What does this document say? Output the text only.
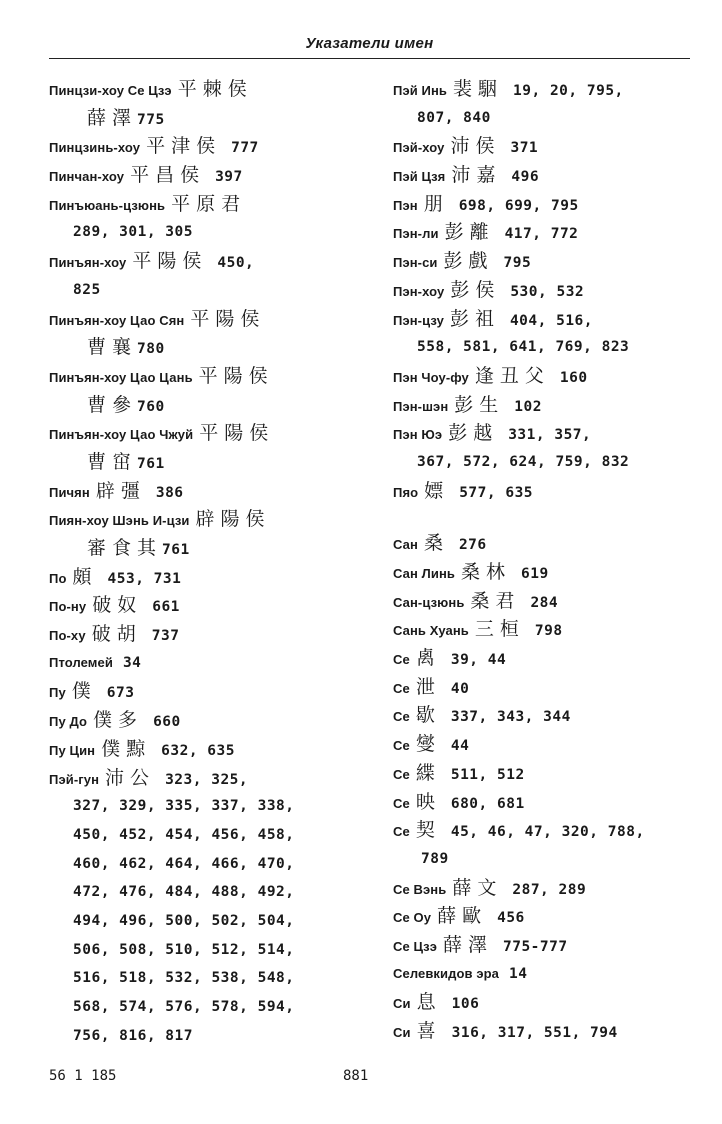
Указатели имен
Пинцзи-хоу Се Цзэ 平棘侯
薛澤775
Пинцзинь-хоу 平津侯 777
Пинчан-хоу 平昌侯 397
Пинъюань-цзюнь 平原君
289, 301, 305
Пинъян-хоу 平陽侯 450,
825
Пинъян-хоу Цао Сян 平陽侯
曹襄780
Пинъян-хоу Цао Цань 平陽侯
曹參760
Пинъян-хоу Цао Чжуй 平陽侯
曹窋761
Пичян 辟彊 386
Пиян-хоу Шэнь И-цзи 辟陽侯
審食其761
По 頗 453, 731
По-ну 破奴 661
По-ху 破胡 737
Птолемей 34
Пу 僕 673
Пу До 僕多 660
Пу Цин 僕黥 632, 635
Пэй-гун 沛公 323, 325,
327, 329, 335, 337, 338,
450, 452, 454, 456, 458,
460, 462, 464, 466, 470,
472, 476, 484, 488, 492,
494, 496, 500, 502, 504,
506, 508, 510, 512, 514,
516, 518, 532, 538, 548,
568, 574, 576, 578, 594,
756, 816, 817
Пэй Инь 裴駰 19, 20, 795,
807, 840
Пэй-хоу 沛侯 371
Пэй Цзя 沛嘉 496
Пэн 朋 698, 699, 795
Пэн-ли 彭離 417, 772
Пэн-си 彭戲 795
Пэн-хоу 彭侯 530, 532
Пэн-цзу 彭祖 404, 516,
558, 581, 641, 769, 823
Пэн Чоу-фу 逢丑父 160
Пэн-шэн 彭生 102
Пэн Юэ 彭越 331, 357,
367, 572, 624, 759, 832
Пяо 嫖 577, 635
Сан 桑 276
Сан Линь 桑林 619
Сан-цзюнь 桑君 284
Сань Хуань 三桓 798
Се 禼 39, 44
Се 泄 40
Се 歇 337, 343, 344
Се 燮 44
Се 緤 511, 512
Се 映 680, 681
Се 契 45, 46, 47, 320, 788,
789
Се Вэнь 薛文 287, 289
Се Оу 薛歐 456
Се Цзэ 薛澤 775-777
Селевкидов эра 14
Си 息 106
Си 喜 316, 317, 551, 794
56 1 185	881
